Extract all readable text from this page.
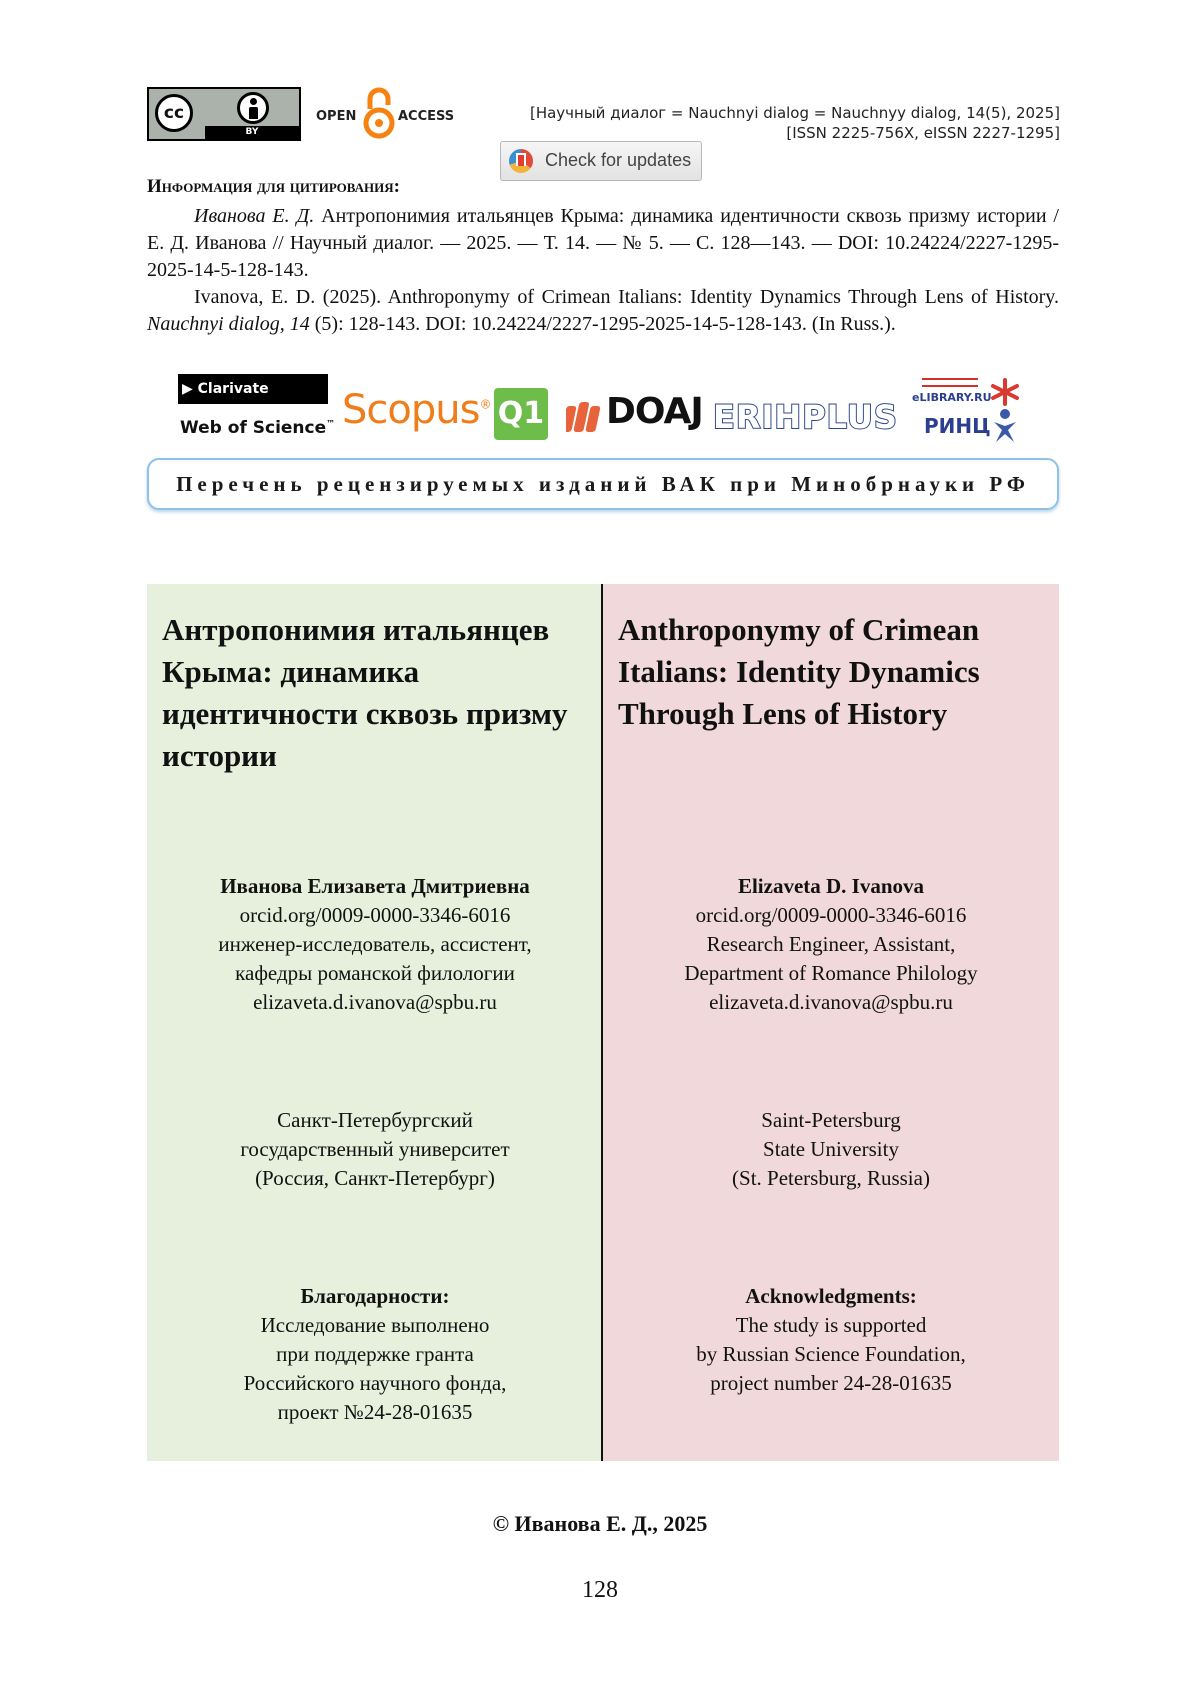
cc
BY
OPEN	ACCESS	[Научный диалог = Nauchnyi dialog = Nauchnyy dialog, 14(5), 2025]
[ISSN 2225-756X, eISSN 2227-1295]
Check for updates
Информация для цитирования:

Иванова Е. Д. Антропонимия итальянцев Крыма: динамика идентичности сквозь призму истории / Е. Д. Иванова // Научный диалог. — 2025. — Т. 14. — № 5. — С. 128—143. — DOI: 10.24224/2227-1295-2025-14-5-128-143.

Ivanova, E. D. (2025). Anthroponymy of Crimean Italians: Identity Dynamics Through Lens of History. Nauchnyi dialog, 14 (5): 128-143. DOI: 10.24224/2227-1295-2025-14-5-128-143. (In Russ.).

▶ Clarivate
Web of Science™ Scopus® Q1 DOAJ ERIHPLUS
eLIBRARY.RU
РИНЦ
Перечень рецензируемых изданий ВАК при Минобрнауки РФ
Антропонимия итальянцев Крыма: динамика идентичности сквозь призму истории
Иванова Елизавета Дмитриевна
orcid.org/0009-0000-3346-6016
инженер-исследователь, ассистент,
кафедры романской филологии
elizaveta.d.ivanova@spbu.ru
Санкт-Петербургский
государственный университет
(Россия, Санкт-Петербург)
Благодарности:
Исследование выполнено
при поддержке гранта
Российского научного фонда,
проект №24-28-01635
Anthroponymy of Crimean Italians: Identity Dynamics Through Lens of History
Elizaveta D. Ivanova
orcid.org/0009-0000-3346-6016
Research Engineer, Assistant,
Department of Romance Philology
elizaveta.d.ivanova@spbu.ru
Saint-Petersburg
State University
(St. Petersburg, Russia)
Acknowledgments:
The study is supported
by Russian Science Foundation,
project number 24-28-01635
© Иванова Е. Д., 2025
128
